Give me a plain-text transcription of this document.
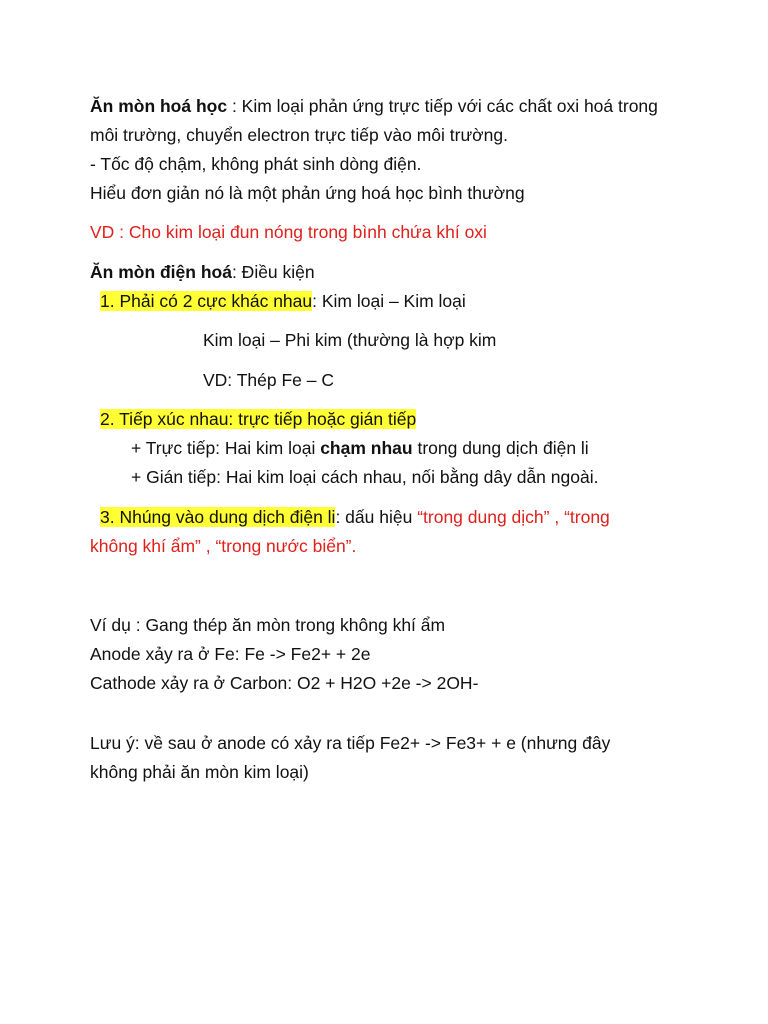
Ăn mòn hoá học : Kim loại phản ứng trực tiếp với các chất oxi hoá trong
môi trường, chuyển electron trực tiếp vào môi trường.
- Tốc độ chậm, không phát sinh dòng điện.
Hiểu đơn giản nó là một phản ứng hoá học bình thường
VD : Cho kim loại đun nóng trong bình chứa khí oxi
Ăn mòn điện hoá: Điều kiện
1. Phải có 2 cực khác nhau: Kim loại – Kim loại
Kim loại – Phi kim (thường là hợp kim
VD: Thép Fe – C
2. Tiếp xúc nhau: trực tiếp hoặc gián tiếp
+ Trực tiếp: Hai kim loại chạm nhau trong dung dịch điện li
+ Gián tiếp: Hai kim loại cách nhau, nối bằng dây dẫn ngoài.
3. Nhúng vào dung dịch điện li: dấu hiệu “trong dung dịch” , “trong
không khí ẩm” , “trong nước biển”.
Ví dụ : Gang thép ăn mòn trong không khí ẩm
Anode xảy ra ở Fe: Fe -> Fe2+ + 2e
Cathode xảy ra ở Carbon: O2 + H2O +2e -> 2OH-
Lưu ý: về sau ở anode có xảy ra tiếp Fe2+ -> Fe3+ + e (nhưng đây
không phải ăn mòn kim loại)
